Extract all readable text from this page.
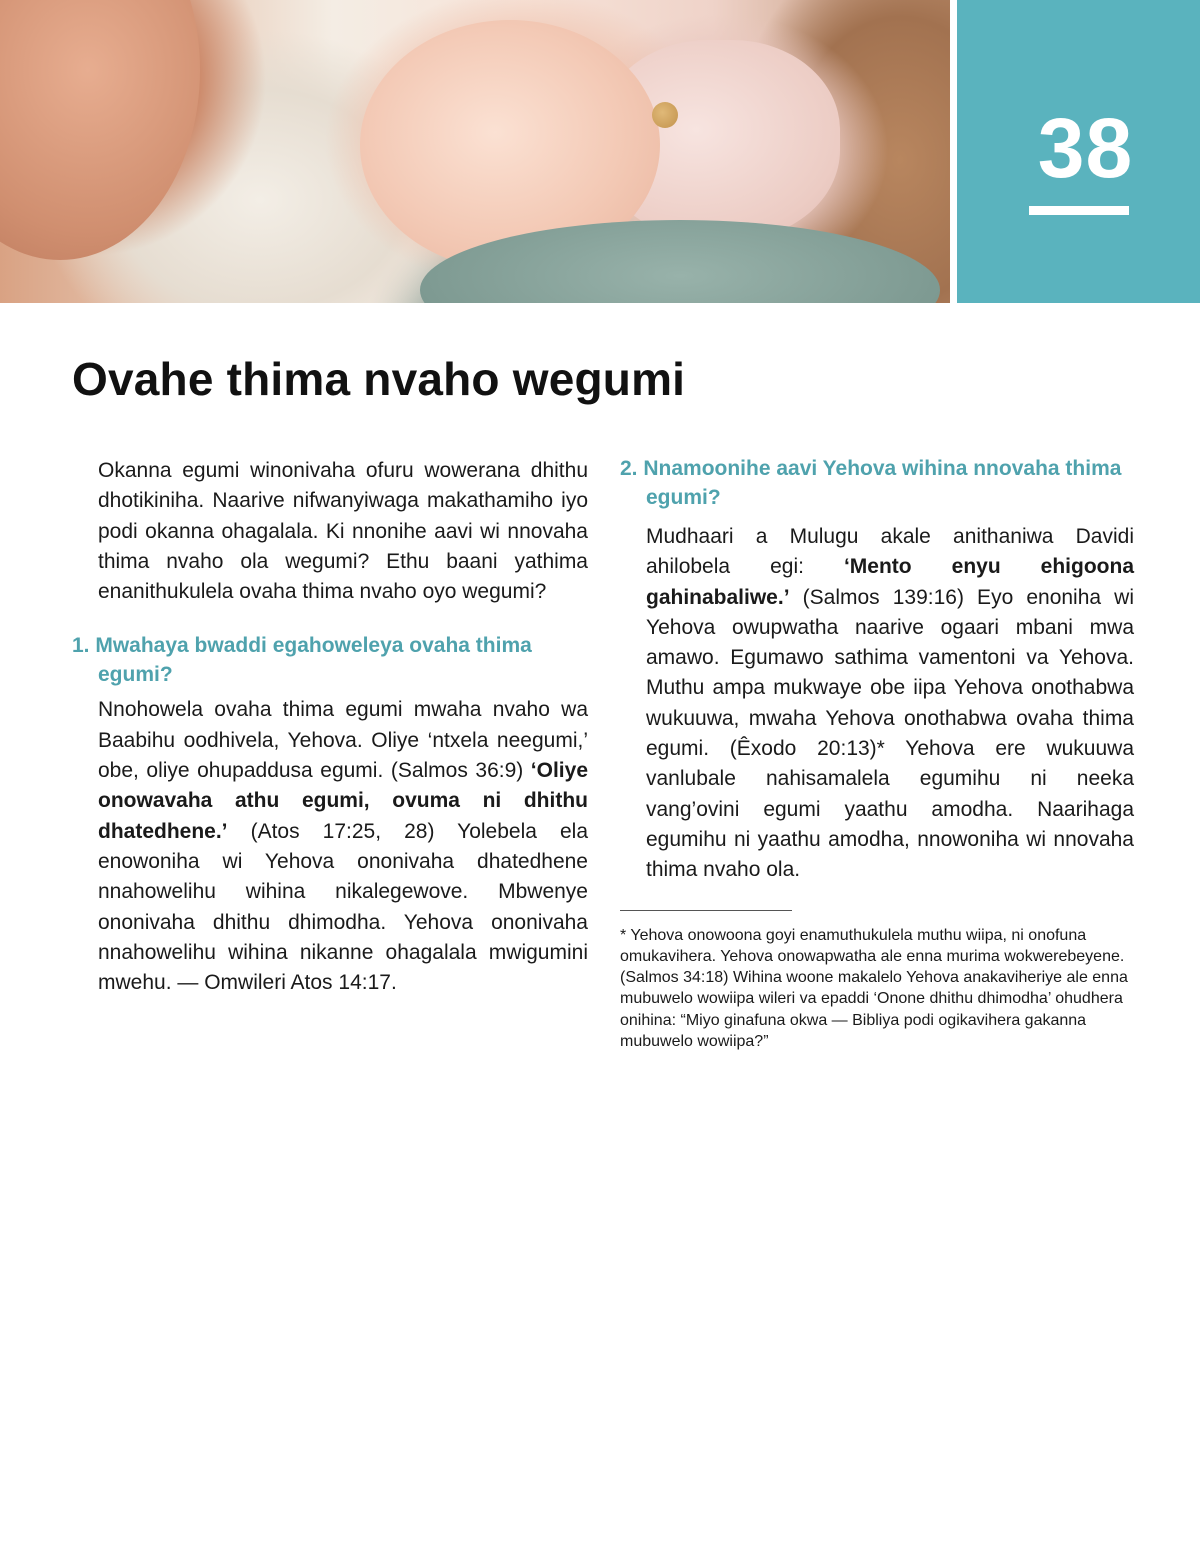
38
Ovahe thima nvaho wegumi

Okanna egumi winonivaha ofuru wowerana dhithu dhotikiniha. Naarive nifwanyiwaga makathamiho iyo podi okanna ohagalala. Ki nnonihe aavi wi nnovaha thima nvaho ola wegumi? Ethu baani yathima enanithukulela ovaha thima nvaho oyo wegumi?

1. Mwahaya bwaddi egahoweleya ovaha thima egumi?

Nnohowela ovaha thima egumi mwaha nvaho wa Baabihu oodhivela, Yehova. Oliye ‘ntxela neegumi,’ obe, oliye ohupaddusa egumi. (Salmos 36:9) ‘Oliye onowavaha athu egumi, ovuma ni dhithu dhatedhene.’ (Atos 17:25, 28) Yolebela ela enowoniha wi Yehova ononivaha dhatedhene nnahowelihu wihina nikalegewove. Mbwenye ononivaha dhithu dhimodha. Yehova ononivaha nnahowelihu wihina nikanne ohagalala mwigumini mwehu. — Omwileri Atos 14:17.

2. Nnamoonihe aavi Yehova wihina nnovaha thima egumi?

Mudhaari a Mulugu akale anithaniwa Davidi ahilobela egi: ‘Mento enyu ehigoona gahinabaliwe.’ (Salmos 139:16) Eyo enoniha wi Yehova owupwatha naarive ogaari mbani mwa amawo. Egumawo sathima vamentoni va Yehova. Muthu ampa mukwaye obe iipa Yehova onothabwa wukuuwa, mwaha Yehova onothabwa ovaha thima egumi. (Êxodo 20:13)* Yehova ere wukuuwa vanlubale nahisamalela egumihu ni neeka vang’ovini egumi yaathu amodha. Naarihaga egumihu ni yaathu amodha, nnowoniha wi nnovaha thima nvaho ola.

* Yehova onowoona goyi enamuthukulela muthu wiipa, ni onofuna omukavihera. Yehova onowapwatha ale enna murima wokwerebeyene. (Salmos 34:18) Wihina woone makalelo Yehova anakaviheriye ale enna mubuwelo wowiipa wileri va epaddi ‘Onone dhithu dhimodha’ ohudhera onihina: “Miyo ginafuna okwa — Bibliya podi ogikavihera gakanna mubuwelo wowiipa?”
